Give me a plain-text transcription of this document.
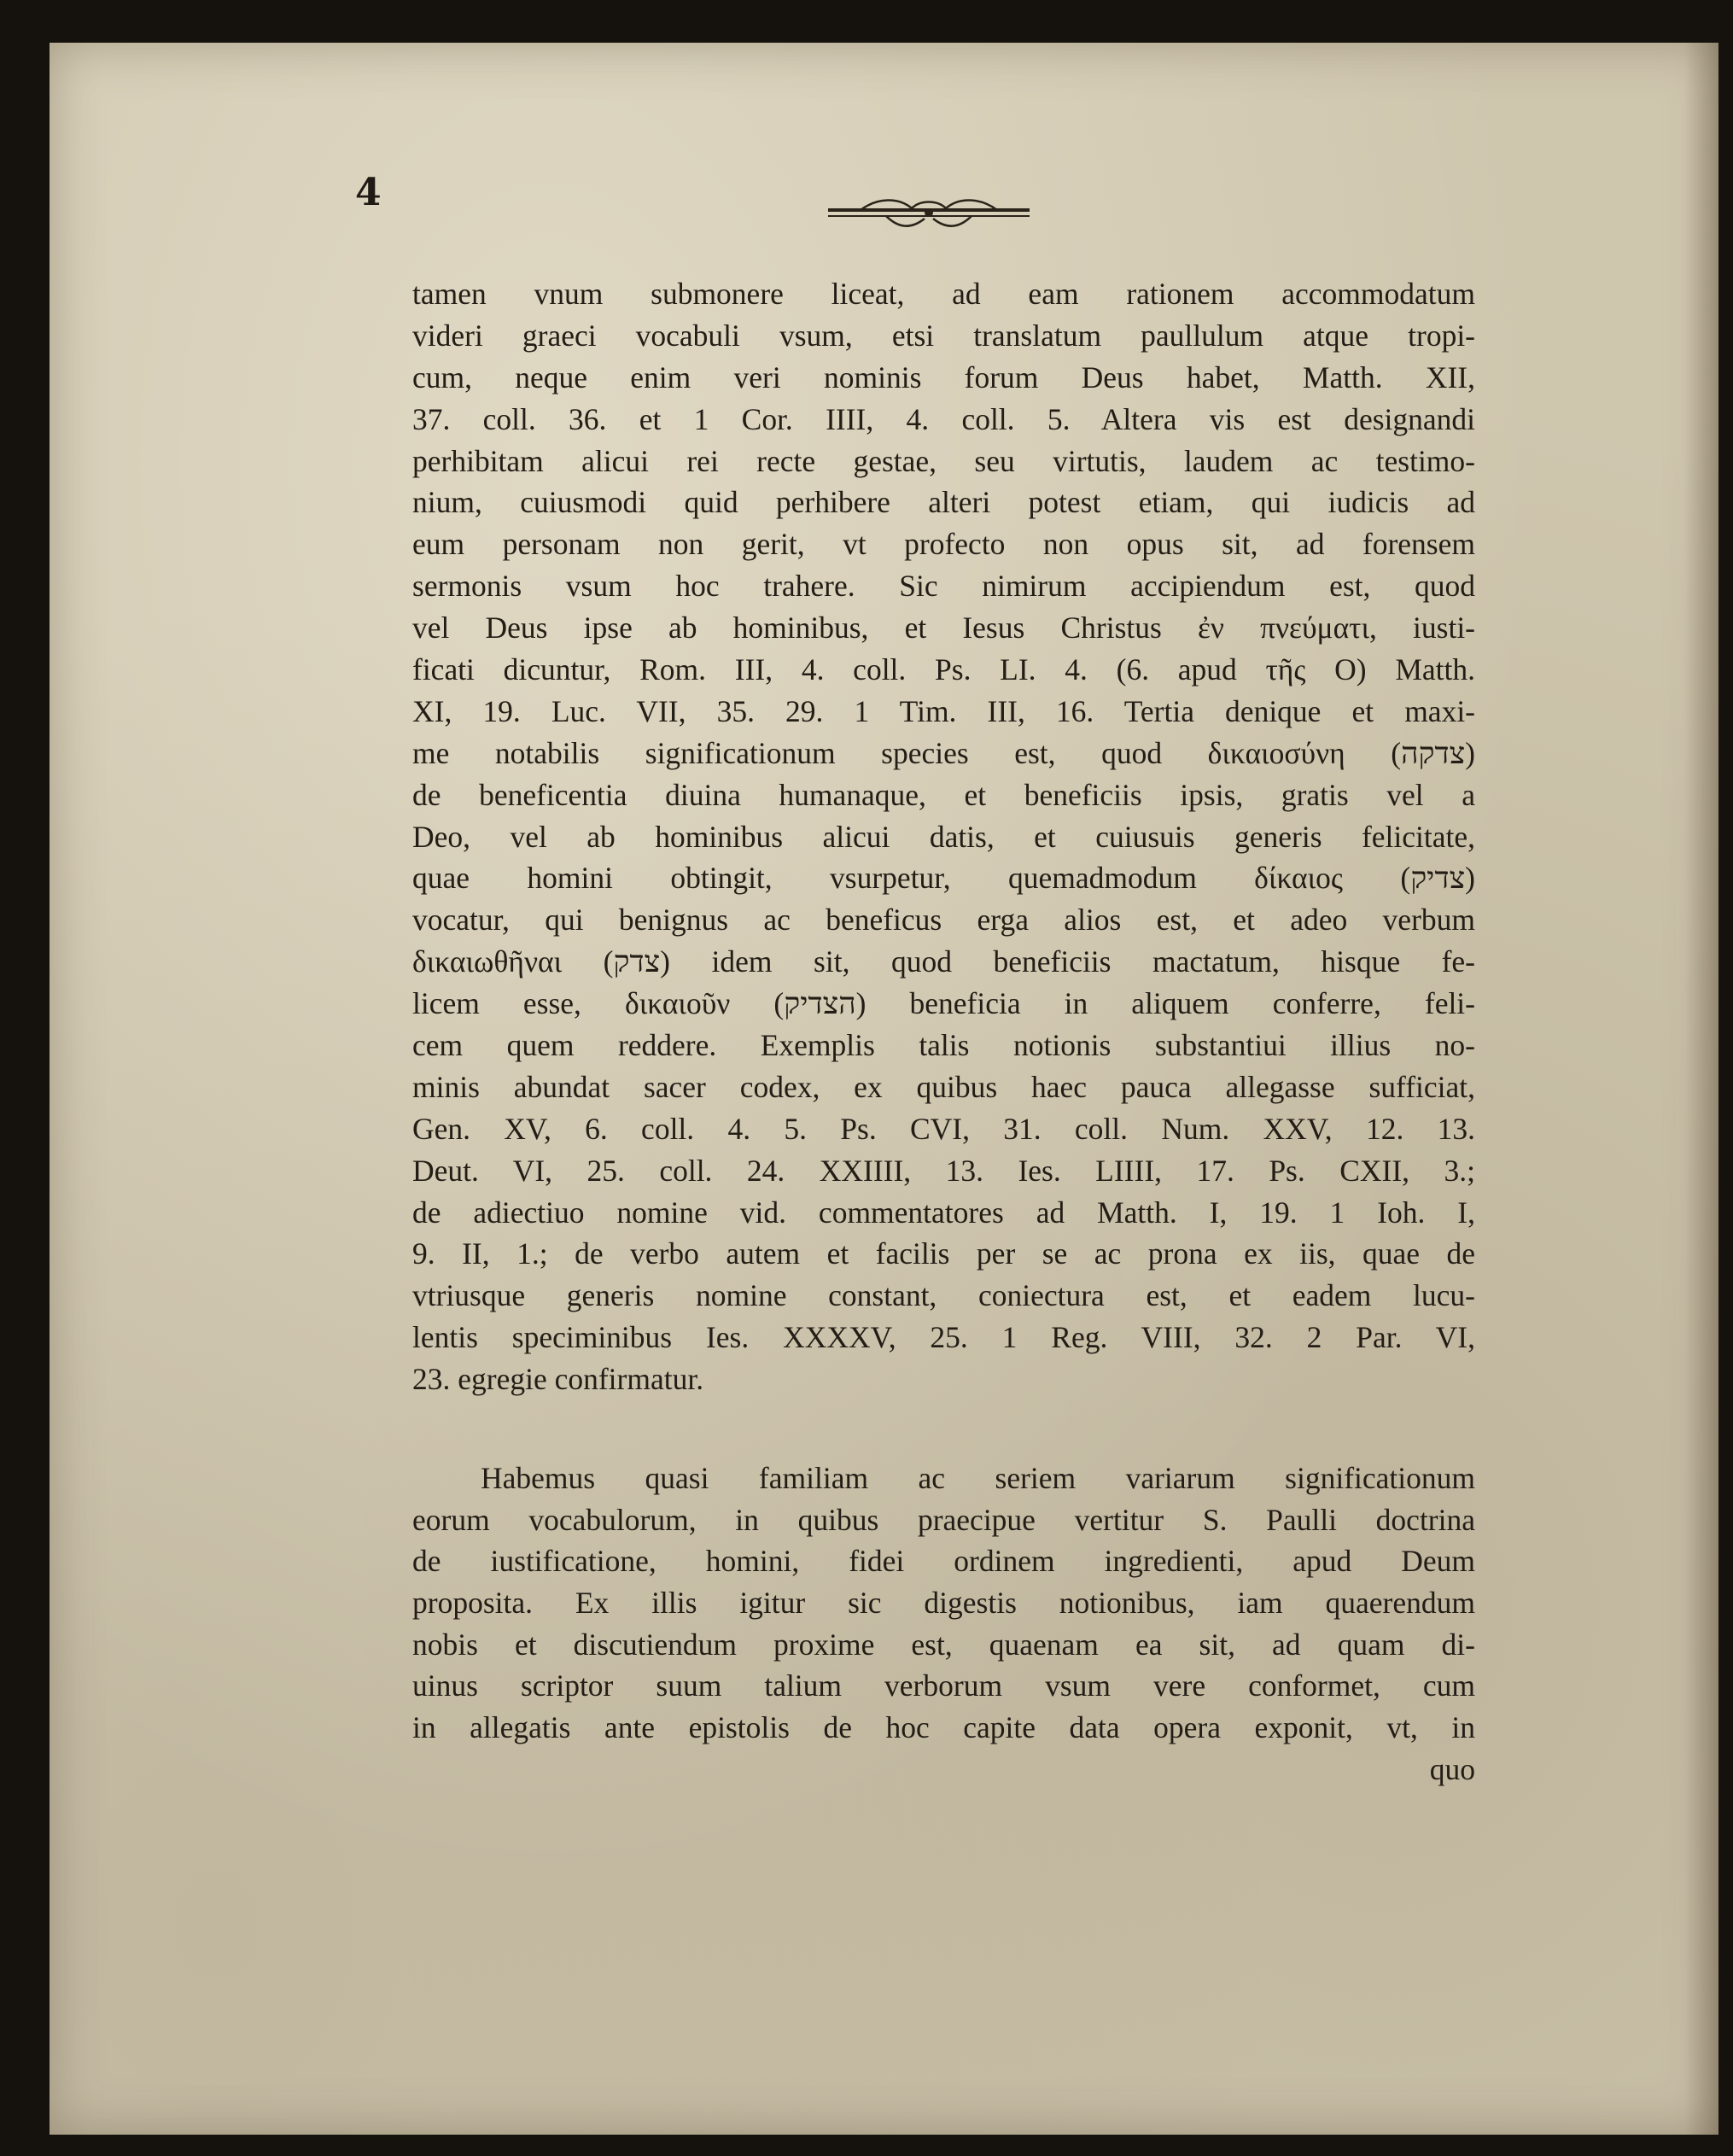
4
tamen vnum submonere liceat, ad eam rationem accommodatum
videri graeci vocabuli vsum, etsi translatum paullulum atque tropi-
cum, neque enim veri nominis forum Deus habet, Matth. XII,
37. coll. 36. et 1 Cor. IIII, 4. coll. 5. Altera vis est designandi
perhibitam alicui rei recte gestae, seu virtutis, laudem ac testimo-
nium, cuiusmodi quid perhibere alteri potest etiam, qui iudicis ad
eum personam non gerit, vt profecto non opus sit, ad forensem
sermonis vsum hoc trahere. Sic nimirum accipiendum est, quod
vel Deus ipse ab hominibus, et Iesus Christus ἐν πνεύματι, iusti-
ficati dicuntur, Rom. III, 4. coll. Ps. LI. 4. (6. apud τῆς O) Matth.
XI, 19. Luc. VII, 35. 29. 1 Tim. III, 16. Tertia denique et maxi-
me notabilis significationum species est, quod δικαιοσύνη (צדקה)
de beneficentia diuina humanaque, et beneficiis ipsis, gratis vel a
Deo, vel ab hominibus alicui datis, et cuiusuis generis felicitate,
quae homini obtingit, vsurpetur, quemadmodum δίκαιος (צדיק)
vocatur, qui benignus ac beneficus erga alios est, et adeo verbum
δικαιωθῆναι (צדק) idem sit, quod beneficiis mactatum, hisque fe-
licem esse, δικαιοῦν (הצדיק) beneficia in aliquem conferre, feli-
cem quem reddere. Exemplis talis notionis substantiui illius no-
minis abundat sacer codex, ex quibus haec pauca allegasse sufficiat,
Gen. XV, 6. coll. 4. 5. Ps. CVI, 31. coll. Num. XXV, 12. 13.
Deut. VI, 25. coll. 24. XXIIII, 13. Ies. LIIII, 17. Ps. CXII, 3.;
de adiectiuo nomine vid. commentatores ad Matth. I, 19. 1 Ioh. I,
9. II, 1.; de verbo autem et facilis per se ac prona ex iis, quae de
vtriusque generis nomine constant, coniectura est, et eadem lucu-
lentis speciminibus Ies. XXXXV, 25. 1 Reg. VIII, 32. 2 Par. VI,
23. egregie confirmatur.
Habemus quasi familiam ac seriem variarum significationum
eorum vocabulorum, in quibus praecipue vertitur S. Paulli doctrina
de iustificatione, homini, fidei ordinem ingredienti, apud Deum
proposita. Ex illis igitur sic digestis notionibus, iam quaerendum
nobis et discutiendum proxime est, quaenam ea sit, ad quam di-
uinus scriptor suum talium verborum vsum vere conformet, cum
in allegatis ante epistolis de hoc capite data opera exponit, vt, in
quo
